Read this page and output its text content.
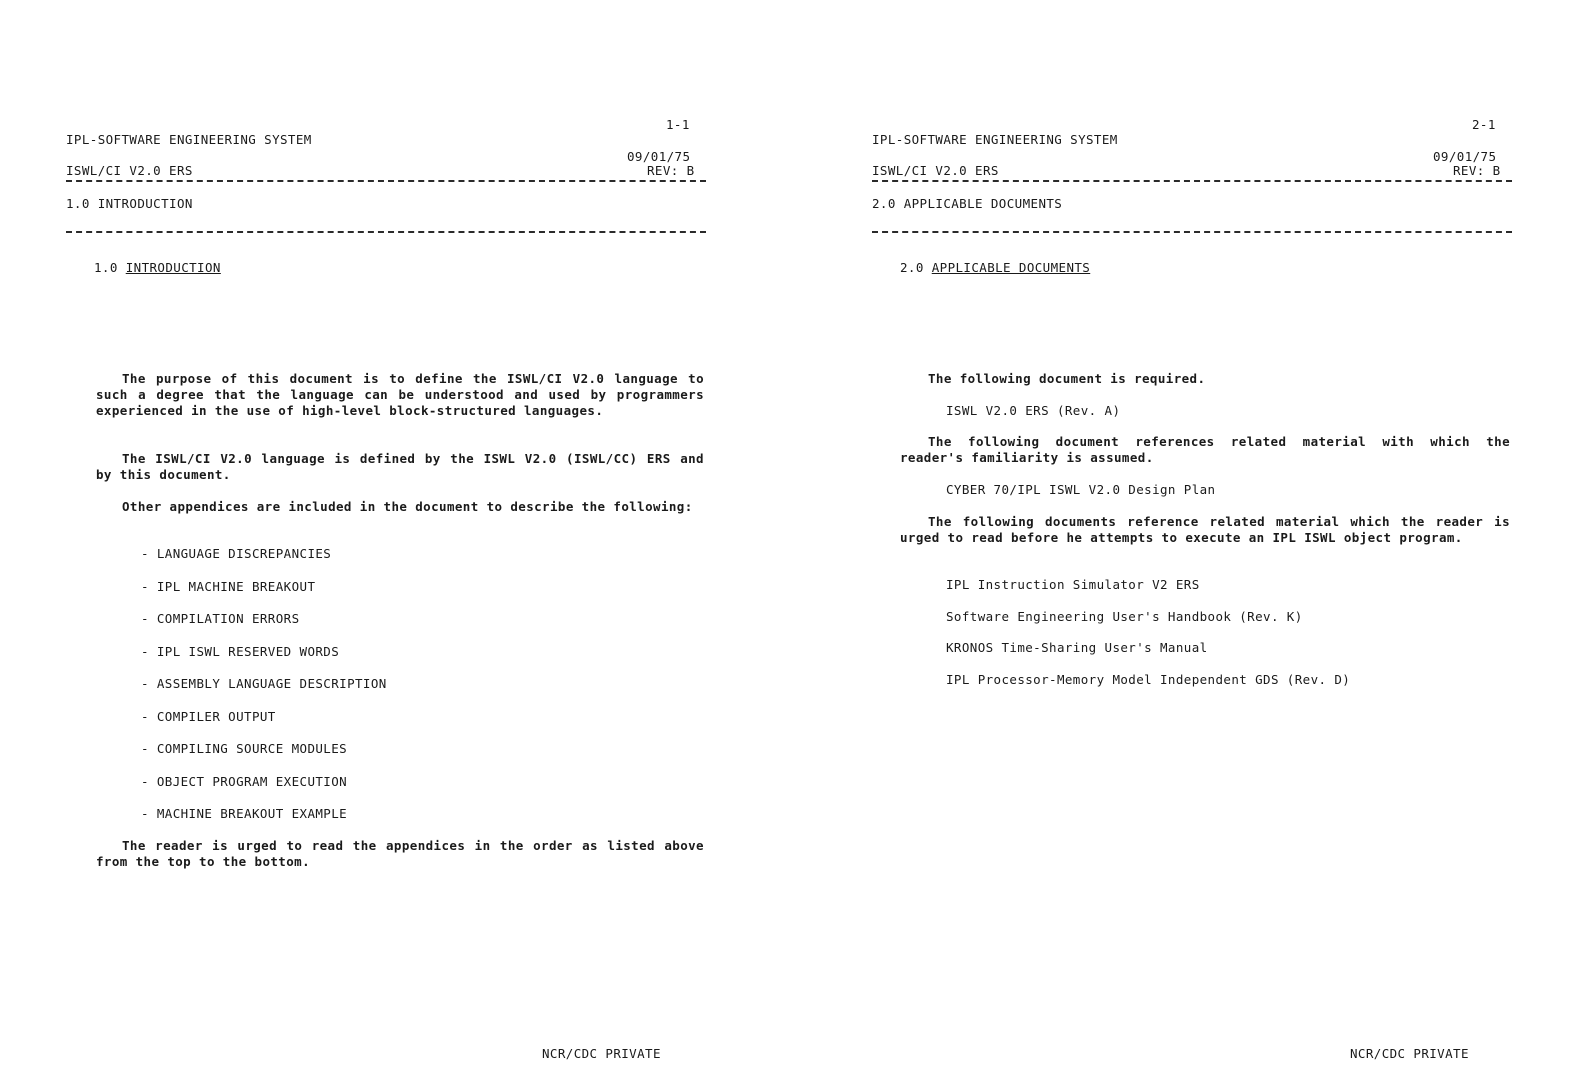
1-1
IPL-SOFTWARE ENGINEERING SYSTEM
09/01/75
ISWL/CI V2.0 ERS	REV: B
1.0 INTRODUCTION
1.0 INTRODUCTION
The purpose of this document is to define the ISWL/CI V2.0 language to such a degree that the language can be understood and used by programmers experienced in the use of high-level block-structured languages.
The ISWL/CI V2.0 language is defined by the ISWL V2.0 (ISWL/CC) ERS and by this document.
Other appendices are included in the document to describe the following:
- LANGUAGE DISCREPANCIES
- IPL MACHINE BREAKOUT
- COMPILATION ERRORS
- IPL ISWL RESERVED WORDS
- ASSEMBLY LANGUAGE DESCRIPTION
- COMPILER OUTPUT
- COMPILING SOURCE MODULES
- OBJECT PROGRAM EXECUTION
- MACHINE BREAKOUT EXAMPLE
The reader is urged to read the appendices in the order as listed above from the top to the bottom.
NCR/CDC PRIVATE
2-1
IPL-SOFTWARE ENGINEERING SYSTEM
09/01/75
ISWL/CI V2.0 ERS	REV: B
2.0 APPLICABLE DOCUMENTS
2.0 APPLICABLE DOCUMENTS
The following document is required.
ISWL V2.0 ERS (Rev. A)
The following document references related material with which the reader's familiarity is assumed.
CYBER 70/IPL ISWL V2.0 Design Plan
The following documents reference related material which the reader is urged to read before he attempts to execute an IPL ISWL object program.
IPL Instruction Simulator V2 ERS
Software Engineering User's Handbook (Rev. K)
KRONOS Time-Sharing User's Manual
IPL Processor-Memory Model Independent GDS (Rev. D)
NCR/CDC PRIVATE
